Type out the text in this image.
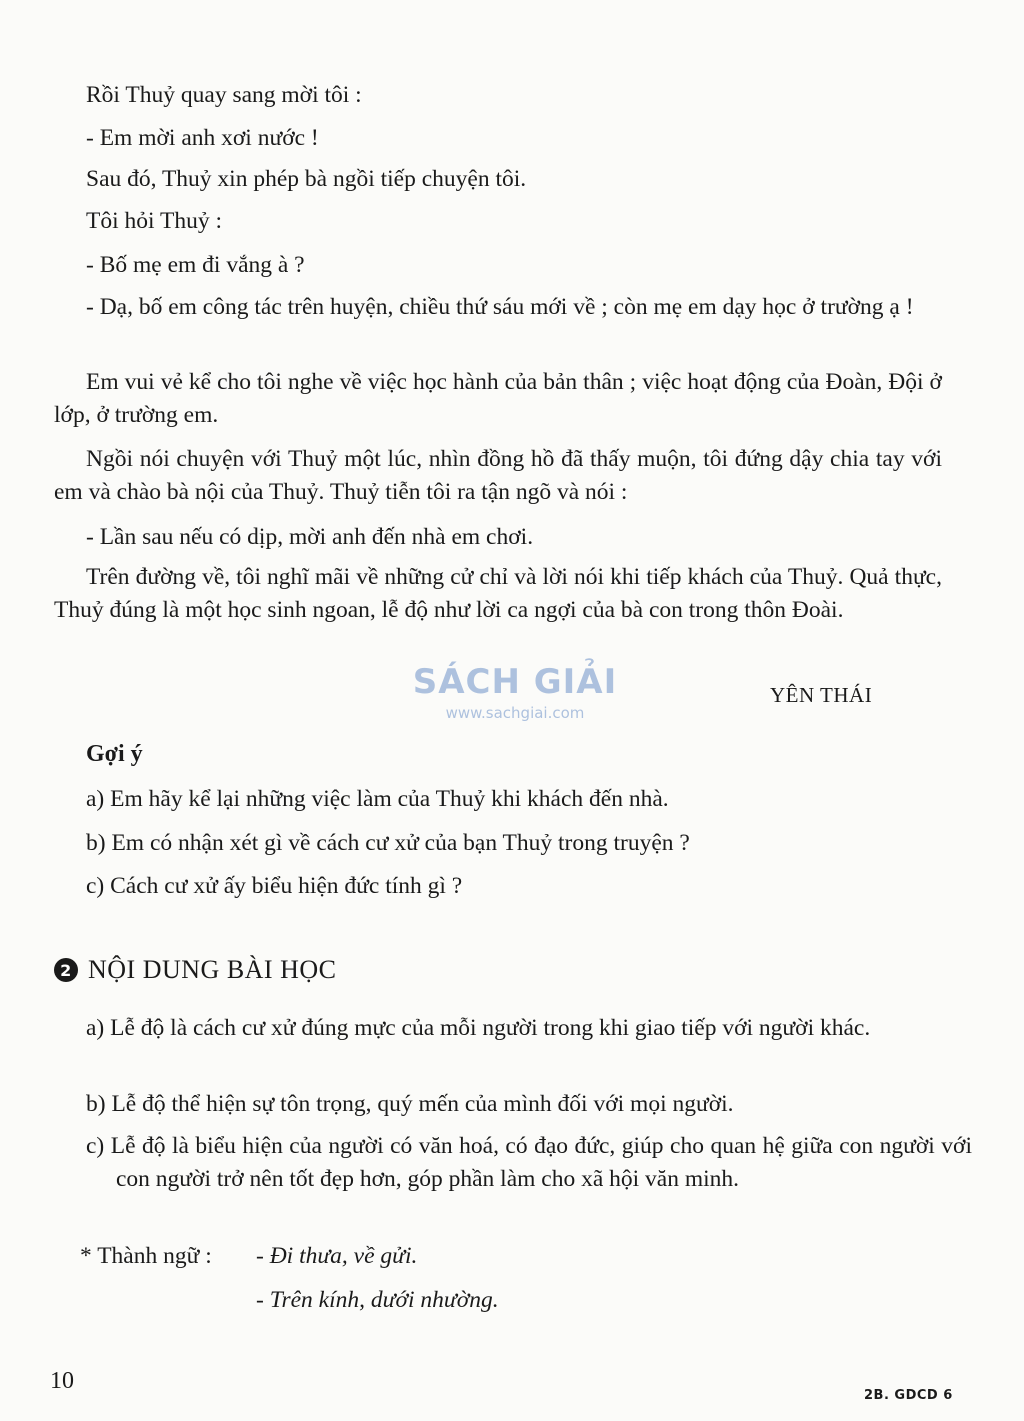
Rồi Thuỷ quay sang mời tôi :
- Em mời anh xơi nước !
Sau đó, Thuỷ xin phép bà ngồi tiếp chuyện tôi.
Tôi hỏi Thuỷ :
- Bố mẹ em đi vắng à ?
- Dạ, bố em công tác trên huyện, chiều thứ sáu mới về ; còn mẹ em dạy học ở trường ạ !
Em vui vẻ kể cho tôi nghe về việc học hành của bản thân ; việc hoạt động của Đoàn, Đội ở lớp, ở trường em.
Ngồi nói chuyện với Thuỷ một lúc, nhìn đồng hồ đã thấy muộn, tôi đứng dậy chia tay với em và chào bà nội của Thuỷ. Thuỷ tiễn tôi ra tận ngõ và nói :
- Lần sau nếu có dịp, mời anh đến nhà em chơi.
Trên đường về, tôi nghĩ mãi về những cử chỉ và lời nói khi tiếp khách của Thuỷ. Quả thực, Thuỷ đúng là một học sinh ngoan, lễ độ như lời ca ngợi của bà con trong thôn Đoài.
SÁCH GIẢI
www.sachgiai.com
YÊN THÁI
Gợi ý
a) Em hãy kể lại những việc làm của Thuỷ khi khách đến nhà.
b) Em có nhận xét gì về cách cư xử của bạn Thuỷ trong truyện ?
c) Cách cư xử ấy biểu hiện đức tính gì ?
2 NỘI DUNG BÀI HỌC
a) Lễ độ là cách cư xử đúng mực của mỗi người trong khi giao tiếp với người khác.
b) Lễ độ thể hiện sự tôn trọng, quý mến của mình đối với mọi người.
c) Lễ độ là biểu hiện của người có văn hoá, có đạo đức, giúp cho quan hệ giữa con người với con người trở nên tốt đẹp hơn, góp phần làm cho xã hội văn minh.
* Thành ngữ : - Đi thưa, về gửi.
- Trên kính, dưới nhường.
10
2B. GDCD 6
